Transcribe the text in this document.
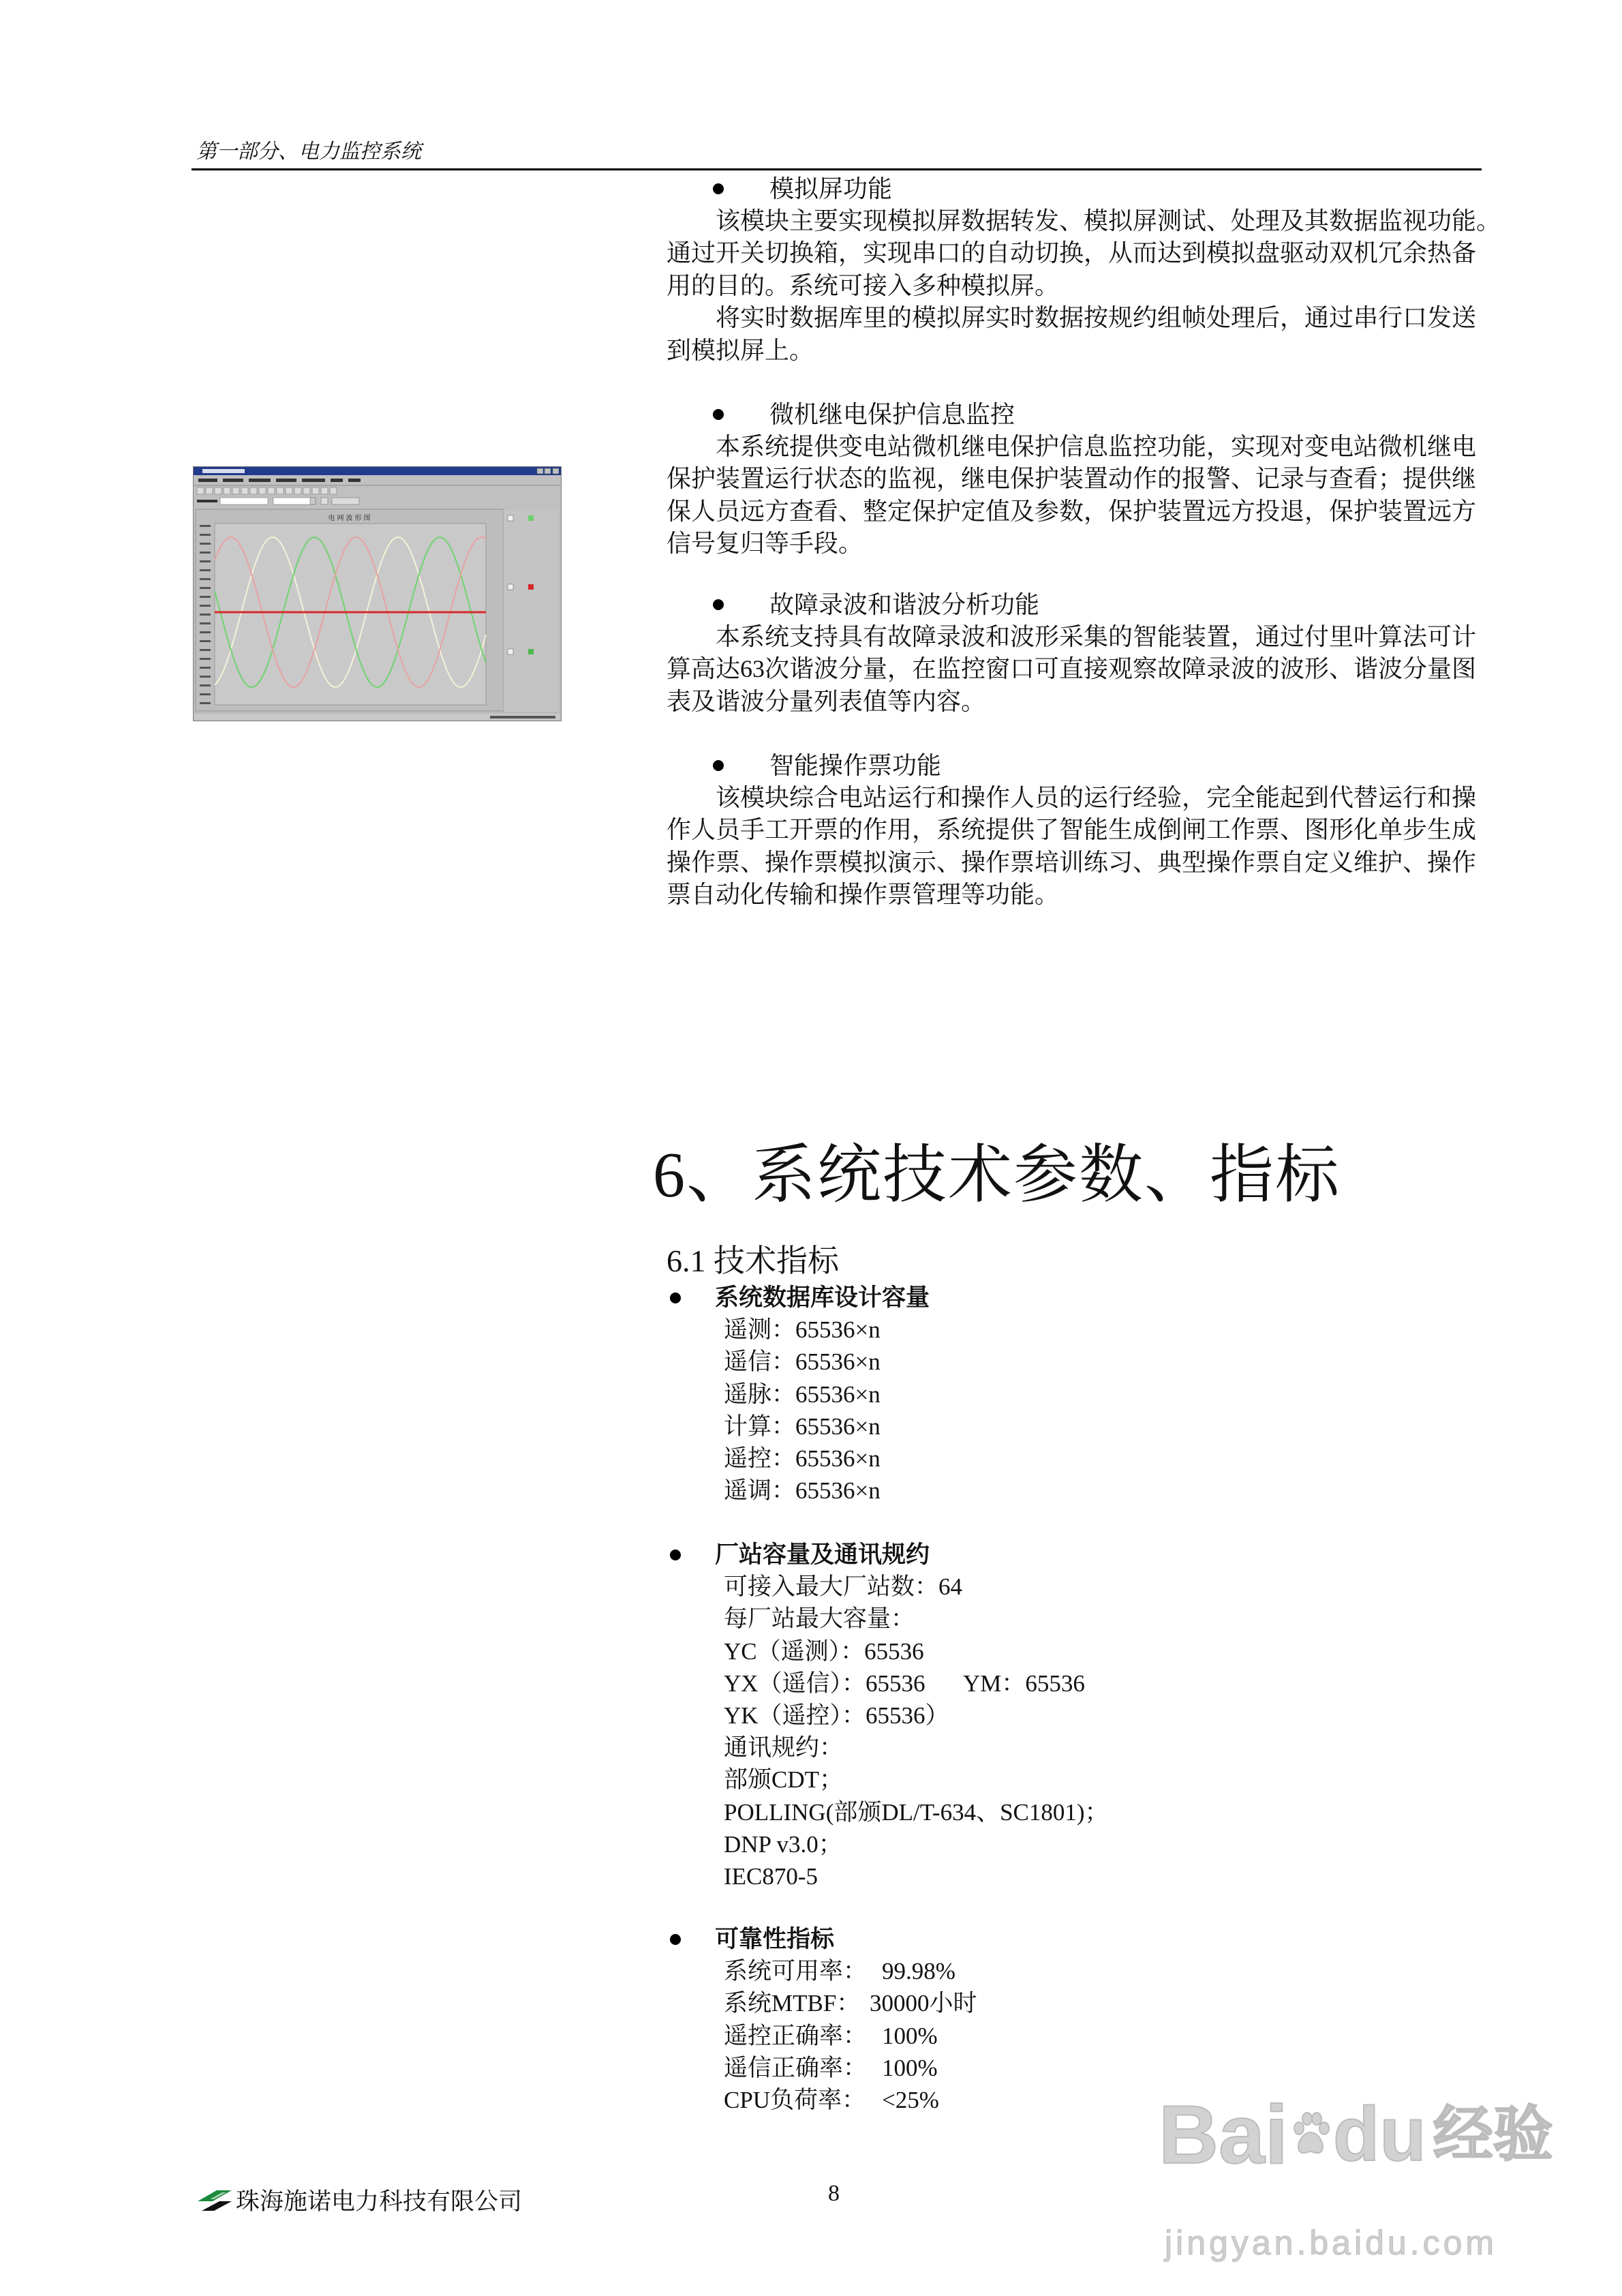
第一部分、电力监控系统
模拟屏功能
该模块主要实现模拟屏数据转发、模拟屏测试、处理及其数据监视功能。
通过开关切换箱，实现串口的自动切换，从而达到模拟盘驱动双机冗余热备
用的目的。系统可接入多种模拟屏。
将实时数据库里的模拟屏实时数据按规约组帧处理后，通过串行口发送
到模拟屏上。
微机继电保护信息监控
本系统提供变电站微机继电保护信息监控功能，实现对变电站微机继电
保护装置运行状态的监视，继电保护装置动作的报警、记录与查看；提供继
保人员远方查看、整定保护定值及参数，保护装置远方投退，保护装置远方
信号复归等手段。
故障录波和谐波分析功能
本系统支持具有故障录波和波形采集的智能装置，通过付里叶算法可计
算高达63次谐波分量，在监控窗口可直接观察故障录波的波形、谐波分量图
表及谐波分量列表值等内容。
智能操作票功能
该模块综合电站运行和操作人员的运行经验，完全能起到代替运行和操
作人员手工开票的作用，系统提供了智能生成倒闸工作票、图形化单步生成
操作票、操作票模拟演示、操作票培训练习、典型操作票自定义维护、操作
票自动化传输和操作票管理等功能。
电网波形图
6、系统技术参数、指标
6.1 技术指标
系统数据库设计容量
遥测：65536×n
遥信：65536×n
遥脉：65536×n
计算：65536×n
遥控：65536×n
遥调：65536×n
厂站容量及通讯规约
可接入最大厂站数：64
每厂站最大容量：
YC（遥测）：65536
YX（遥信）：65536 YM：65536
YK（遥控）：65536）
通讯规约：
部颁CDT；
POLLING(部颁DL/T-634、SC1801)；
DNP v3.0；
IEC870-5
可靠性指标
系统可用率： 99.98%
系统MTBF： 30000小时
遥控正确率： 100%
遥信正确率： 100%
CPU负荷率： <25%
珠海施诺电力科技有限公司	8
Bai du 经验
jingyan.baidu.com
